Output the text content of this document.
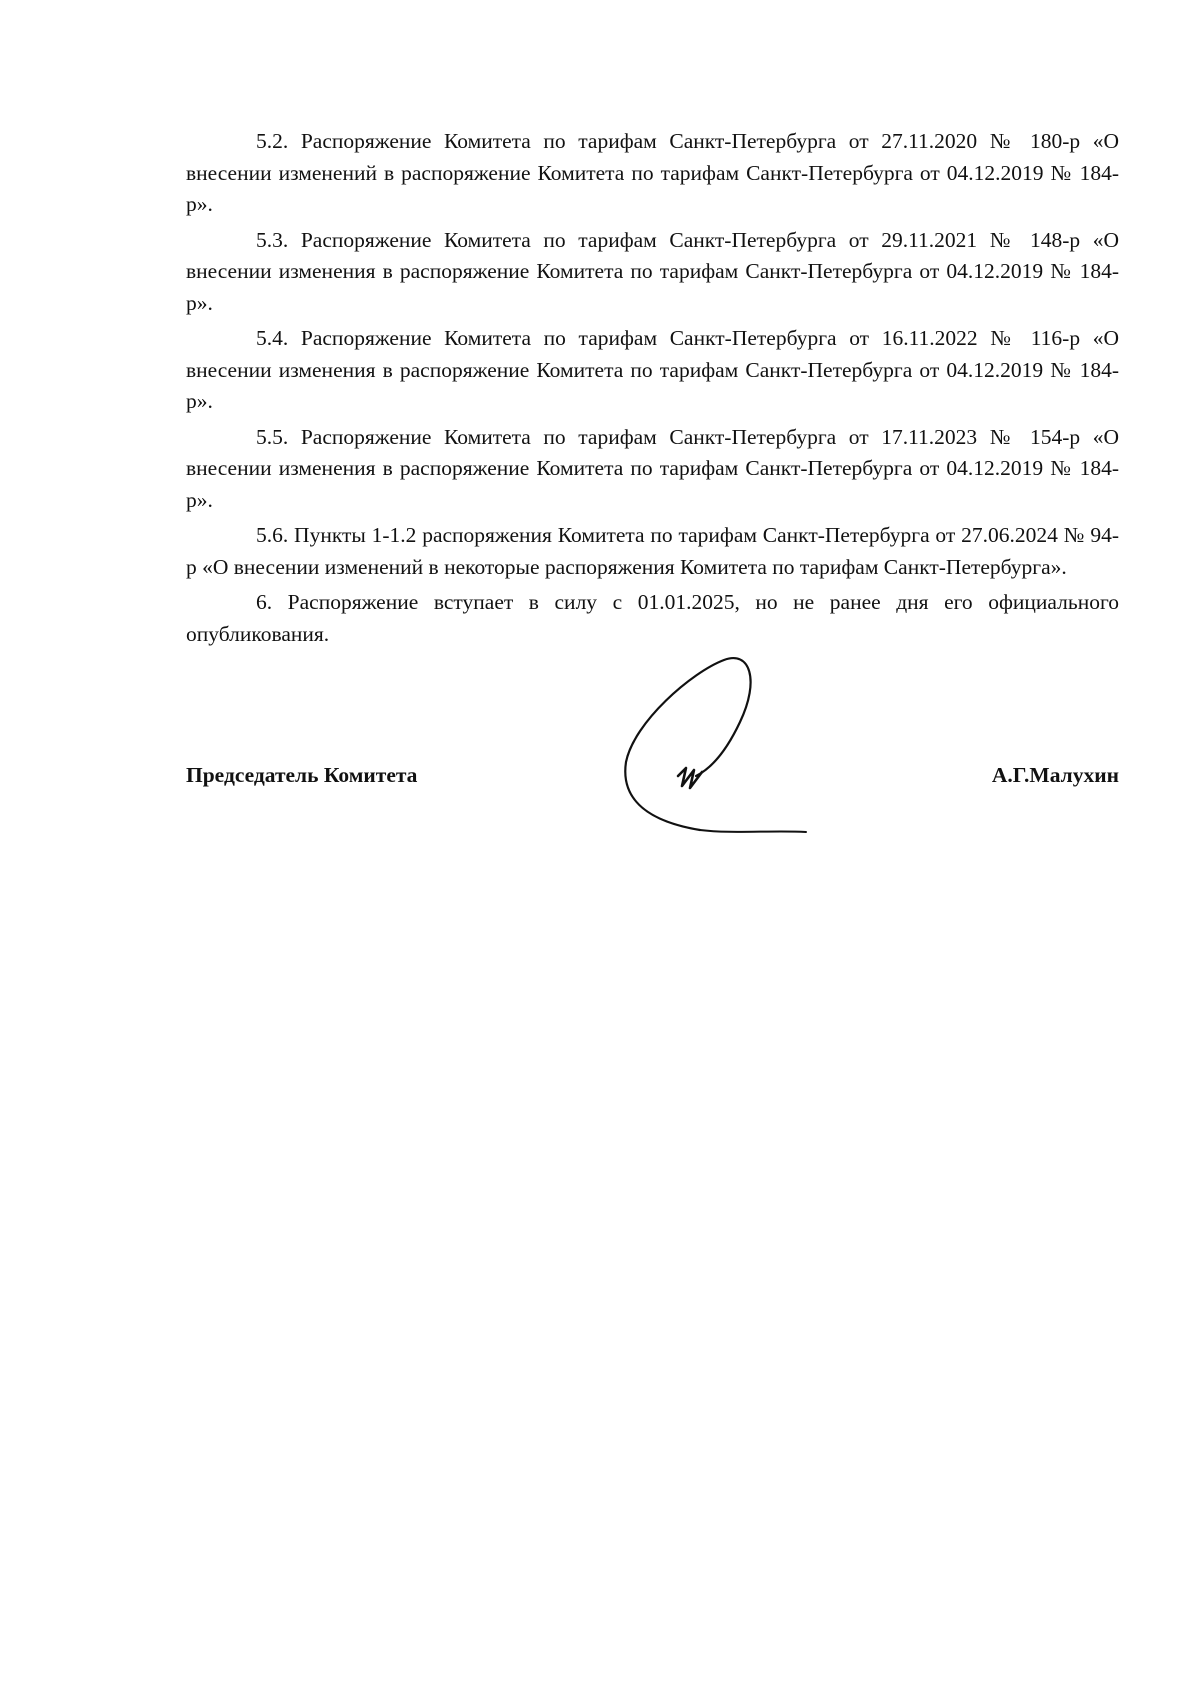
5.2. Распоряжение Комитета по тарифам Санкт-Петербурга от 27.11.2020 № 180-р «О внесении изменений в распоряжение Комитета по тарифам Санкт-Петербурга от 04.12.2019 № 184-р».

5.3. Распоряжение Комитета по тарифам Санкт-Петербурга от 29.11.2021 № 148-р «О внесении изменения в распоряжение Комитета по тарифам Санкт-Петербурга от 04.12.2019 № 184-р».

5.4. Распоряжение Комитета по тарифам Санкт-Петербурга от 16.11.2022 № 116-р «О внесении изменения в распоряжение Комитета по тарифам Санкт-Петербурга от 04.12.2019 № 184-р».

5.5. Распоряжение Комитета по тарифам Санкт-Петербурга от 17.11.2023 № 154-р «О внесении изменения в распоряжение Комитета по тарифам Санкт-Петербурга от 04.12.2019 № 184-р».

5.6. Пункты 1-1.2 распоряжения Комитета по тарифам Санкт-Петербурга от 27.06.2024 № 94-р «О внесении изменений в некоторые распоряжения Комитета по тарифам Санкт-Петербурга».

6. Распоряжение вступает в силу с 01.01.2025, но не ранее дня его официального опубликования.

Председатель Комитета	А.Г.Малухин
